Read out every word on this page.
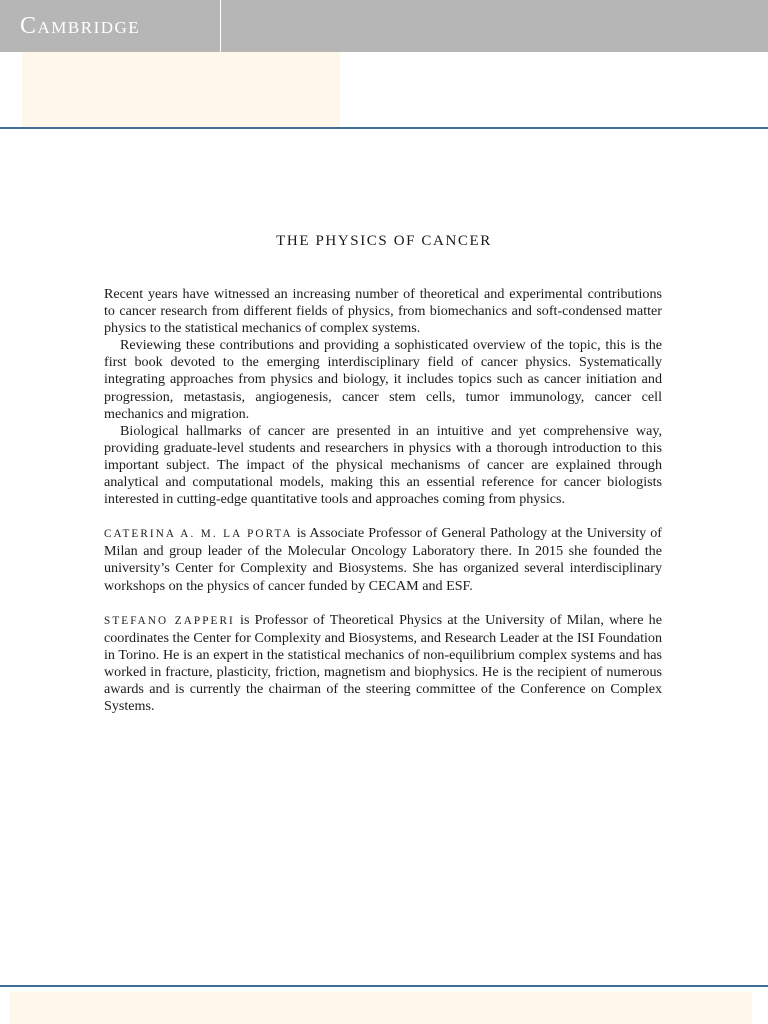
Cambridge
THE PHYSICS OF CANCER

Recent years have witnessed an increasing number of theoretical and experimental contributions to cancer research from different fields of physics, from biomechanics and soft-condensed matter physics to the statistical mechanics of complex systems.

Reviewing these contributions and providing a sophisticated overview of the topic, this is the first book devoted to the emerging interdisciplinary field of cancer physics. Systematically integrating approaches from physics and biology, it includes topics such as cancer initiation and progression, metastasis, angiogenesis, cancer stem cells, tumor immunology, cancer cell mechanics and migration.

Biological hallmarks of cancer are presented in an intuitive and yet comprehensive way, providing graduate-level students and researchers in physics with a thorough introduction to this important subject. The impact of the physical mechanisms of cancer are explained through analytical and computational models, making this an essential reference for cancer biologists interested in cutting-edge quantitative tools and approaches coming from physics.

CATERINA A. M. LA PORTA is Associate Professor of General Pathology at the University of Milan and group leader of the Molecular Oncology Laboratory there. In 2015 she founded the university’s Center for Complexity and Biosystems. She has organized several interdisciplinary workshops on the physics of cancer funded by CECAM and ESF.

STEFANO ZAPPERI is Professor of Theoretical Physics at the University of Milan, where he coordinates the Center for Complexity and Biosystems, and Research Leader at the ISI Foundation in Torino. He is an expert in the statistical mechanics of non-equilibrium complex systems and has worked in fracture, plasticity, friction, magnetism and biophysics. He is the recipient of numerous awards and is currently the chairman of the steering committee of the Conference on Complex Systems.
